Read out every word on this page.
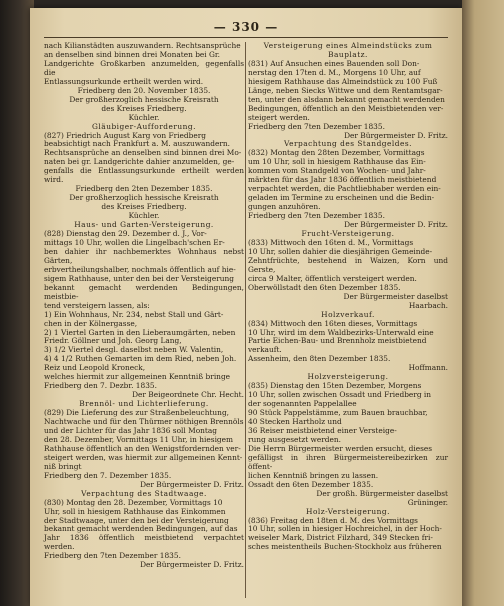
— 330 —

nach Kilianstädten auszuwandern. Rechtsansprüche

an denselben sind binnen drei Monaten bei Gr.

Landgerichte Großkarben anzumelden, gegenfalls die

Entlassungsurkunde ertheilt werden wird.

Friedberg den 20. November 1835.

Der großherzoglich hessische Kreisrath

des Kreises Friedberg.

Küchler.

Gläubiger-Aufforderung.

(827) Friedrich August Karg von Friedberg

beabsichtigt nach Frankfurt a. M. auszuwandern.

Rechtsansprüche an denselben sind binnen drei Mo-

naten bei gr. Landgerichte dahier anzumelden, ge-

genfalls die Entlassungsurkunde ertheilt werden wird.

Friedberg den 2ten Dezember 1835.

Der großherzoglich hessische Kreisrath

des Kreises Friedberg.

Küchler.

Haus- und Garten-Versteigerung.

(828) Dienstag den 29. Dezember d. J., Vor-

mittags 10 Uhr, wollen die Lingelbach'schen Er-

ben dahier ihr nachbemerktes Wohnhaus nebst Gärten,

erbvertheilungshalber, nochmals öffentlich auf hie-

sigem Rathhause, unter den bei der Versteigerung

bekannt gemacht werdenden Bedingungen, meistbie-

tend versteigern lassen, als:

1) Ein Wohnhaus, Nr. 234, nebst Stall und Gärt-

chen in der Kölnergasse,

2) 1 Viertel Garten in den Lieberaumgärten, neben

Friedr. Göllner und Joh. Georg Lang,

3) 1/2 Viertel desgl. daselbst neben W. Valentin,

4) 4 1/2 Ruthen Gemarten im dem Ried, neben Joh.

Reiz und Leopold Kroneck,

welches hiermit zur allgemeinen Kenntniß bringe

Friedberg den 7. Dezbr. 1835.

Der Beigeordnete Chr. Hecht.

Brennöl- und Lichterlieferung.

(829) Die Lieferung des zur Straßenbeleuchtung,

Nachtwache und für den Thürmer nöthigen Brennöls

und der Lichter für das Jahr 1836 soll Montag

den 28. Dezember, Vormittags 11 Uhr, in hiesigem

Rathhause öffentlich an den Wenigstfordernden ver-

steigert werden, was hiermit zur allgemeinen Kennt-

niß bringt

Friedberg den 7. Dezember 1835.

Der Bürgermeister D. Fritz.

Verpachtung des Stadtwaage.

(830) Montag den 28. Dezember, Vormittags 10

Uhr, soll in hiesigem Rathhause das Einkommen

der Stadtwaage, unter den bei der Versteigerung

bekannt gemacht werdenden Bedingungen, auf das

Jahr 1836 öffentlich meistbietend verpachtet werden.

Friedberg den 7ten Dezember 1835.

Der Bürgermeister D. Fritz.

Versteigerung eines Almeindstücks zum

Bauplatz.

(831) Auf Ansuchen eines Bauenden soll Don-

nerstag den 17ten d. M., Morgens 10 Uhr, auf

hiesigem Rathhause das Almeindstück zu 100 Fuß

Länge, neben Siecks Wittwe und dem Rentamtsgar-

ten, unter den alsdann bekannt gemacht werdenden

Bedingungen, öffentlich an den Meistbietenden ver-

steigert werden.

Friedberg den 7ten Dezember 1835.

Der Bürgermeister D. Fritz.

Verpachtung des Standgeldes.

(832) Montag den 28ten Dezember, Vormittags

um 10 Uhr, soll in hiesigem Rathhause das Ein-

kommen vom Standgeld von Wochen- und Jahr-

märkten für das Jahr 1836 öffentlich meistbietend

verpachtet werden, die Pachtliebhaber werden ein-

geladen im Termine zu erscheinen und die Bedin-

gungen anzuhören.

Friedberg den 7ten Dezember 1835.

Der Bürgermeister D. Fritz.

Frucht-Versteigerung.

(833) Mittwoch den 16ten d. M., Vormittags

10 Uhr, sollen dahier die diesjährigen Gemeinde-

Zehntfrüchte, bestehend in Waizen, Korn und Gerste,

circa 9 Malter, öffentlich versteigert werden.

Oberwöllstadt den 6ten Dezember 1835.

Der Bürgermeister daselbst

Haarbach.

Holzverkauf.

(834) Mittwoch den 16ten dieses, Vormittags

10 Uhr, wird im dem Waldbezirks-Unterwald eine

Partie Eichen-Bau- und Brennholz meistbietend

verkauft.

Assenheim, den 8ten Dezember 1835.

Hoffmann.

Holzversteigerung.

(835) Dienstag den 15ten Dezember, Morgens

10 Uhr, sollen zwischen Ossadt und Friedberg in

der sogenannten Pappelallee

90 Stück Pappelstämme, zum Bauen brauchbar,

40 Stecken Hartholz und

36 Reiser meistbietend einer Versteige-

rung ausgesetzt werden.

Die Herrn Bürgermeister werden ersucht, dieses

gefälligst in ihren Bürgermeistereibezirken zur öffent-

lichen Kenntniß bringen zu lassen.

Ossadt den 6ten Dezember 1835.

Der großh. Bürgermeister daselbst

Grüninger.

Holz-Versteigerung.

(836) Freitag den 18ten d. M. des Vormittags

10 Uhr, sollen in hiesiger Hochreichel, in der Hoch-

weiseler Mark, District Filzhard, 349 Stecken fri-

sches meistentheils Buchen-Stockholz aus früheren
